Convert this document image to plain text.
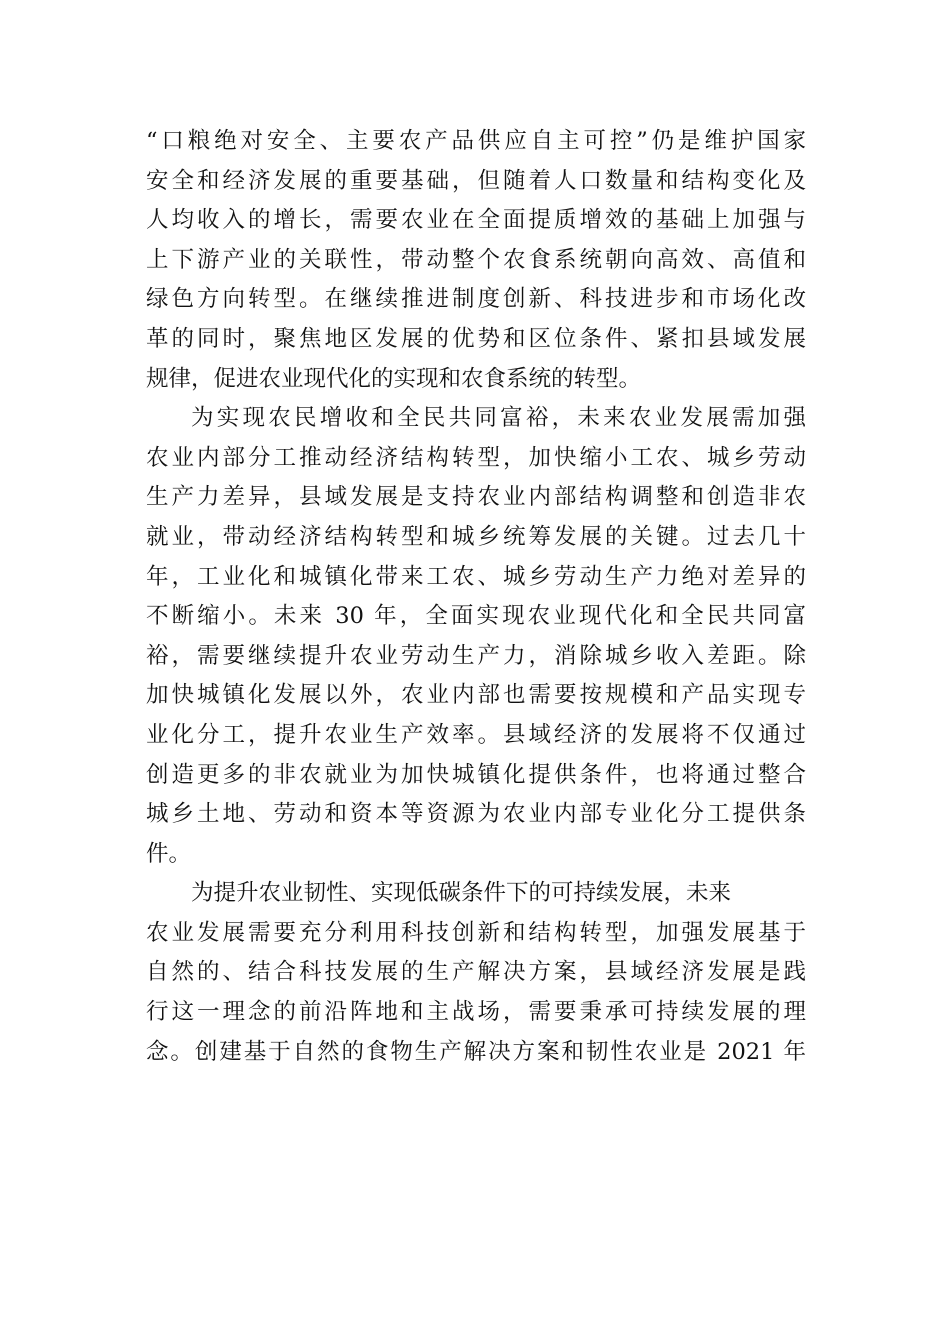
“口粮绝对安全、主要农产品供应自主可控”仍是维护国家
安全和经济发展的重要基础，但随着人口数量和结构变化及
人均收入的增长，需要农业在全面提质增效的基础上加强与
上下游产业的关联性，带动整个农食系统朝向高效、高值和
绿色方向转型。在继续推进制度创新、科技进步和市场化改
革的同时，聚焦地区发展的优势和区位条件、紧扣县域发展
规律，促进农业现代化的实现和农食系统的转型。
为实现农民增收和全民共同富裕，未来农业发展需加强
农业内部分工推动经济结构转型，加快缩小工农、城乡劳动
生产力差异，县域发展是支持农业内部结构调整和创造非农
就业，带动经济结构转型和城乡统筹发展的关键。过去几十
年，工业化和城镇化带来工农、城乡劳动生产力绝对差异的
不断缩小。未来 30 年，全面实现农业现代化和全民共同富
裕，需要继续提升农业劳动生产力，消除城乡收入差距。除
加快城镇化发展以外，农业内部也需要按规模和产品实现专
业化分工，提升农业生产效率。县域经济的发展将不仅通过
创造更多的非农就业为加快城镇化提供条件，也将通过整合
城乡土地、劳动和资本等资源为农业内部专业化分工提供条
件。
为提升农业韧性、实现低碳条件下的可持续发展，未来
农业发展需要充分利用科技创新和结构转型，加强发展基于
自然的、结合科技发展的生产解决方案，县域经济发展是践
行这一理念的前沿阵地和主战场，需要秉承可持续发展的理
念。创建基于自然的食物生产解决方案和韧性农业是 2021 年
